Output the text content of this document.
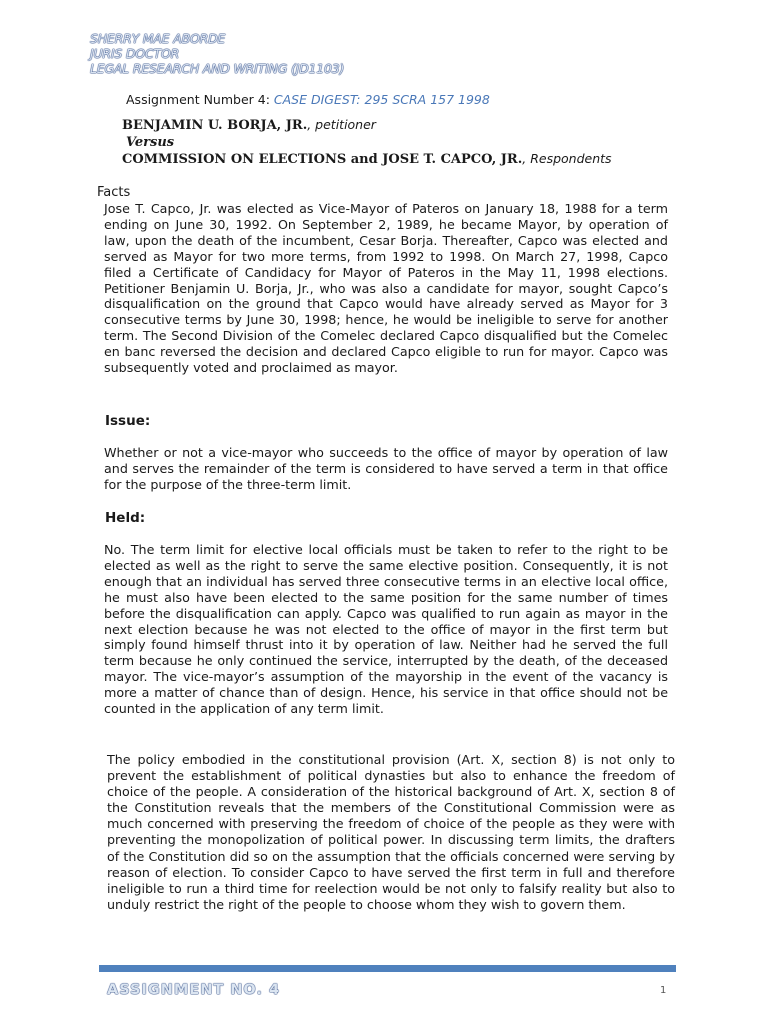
SHERRY MAE ABORDE
JURIS DOCTOR
LEGAL RESEARCH AND WRITING (JD1103)
Assignment Number 4: CASE DIGEST: 295 SCRA 157 1998
BENJAMIN U. BORJA, JR., petitioner
Versus
COMMISSION ON ELECTIONS and JOSE T. CAPCO, JR., Respondents
Facts

Jose T. Capco, Jr. was elected as Vice-Mayor of Pateros on January 18, 1988 for a term ending on June 30, 1992. On September 2, 1989, he became Mayor, by operation of law, upon the death of the incumbent, Cesar Borja. Thereafter, Capco was elected and served as Mayor for two more terms, from 1992 to 1998. On March 27, 1998, Capco filed a Certificate of Candidacy for Mayor of Pateros in the May 11, 1998 elections. Petitioner Benjamin U. Borja, Jr., who was also a candidate for mayor, sought Capco’s disqualification on the ground that Capco would have already served as Mayor for 3 consecutive terms by June 30, 1998; hence, he would be ineligible to serve for another term. The Second Division of the Comelec declared Capco disqualified but the Comelec en banc reversed the decision and declared Capco eligible to run for mayor. Capco was subsequently voted and proclaimed as mayor.

Issue:

Whether or not a vice-mayor who succeeds to the office of mayor by operation of law and serves the remainder of the term is considered to have served a term in that office for the purpose of the three-term limit.

Held:

No. The term limit for elective local officials must be taken to refer to the right to be elected as well as the right to serve the same elective position. Consequently, it is not enough that an individual has served three consecutive terms in an elective local office, he must also have been elected to the same position for the same number of times before the disqualification can apply. Capco was qualified to run again as mayor in the next election because he was not elected to the office of mayor in the first term but simply found himself thrust into it by operation of law. Neither had he served the full term because he only continued the service, interrupted by the death, of the deceased mayor. The vice-mayor’s assumption of the mayorship in the event of the vacancy is more a matter of chance than of design. Hence, his service in that office should not be counted in the application of any term limit.

The policy embodied in the constitutional provision (Art. X, section 8) is not only to prevent the establishment of political dynasties but also to enhance the freedom of choice of the people. A consideration of the historical background of Art. X, section 8 of the Constitution reveals that the members of the Constitutional Commission were as much concerned with preserving the freedom of choice of the people as they were with preventing the monopolization of political power. In discussing term limits, the drafters of the Constitution did so on the assumption that the officials concerned were serving by reason of election. To consider Capco to have served the first term in full and therefore ineligible to run a third time for reelection would be not only to falsify reality but also to unduly restrict the right of the people to choose whom they wish to govern them.

ASSIGNMENT NO. 4	1
